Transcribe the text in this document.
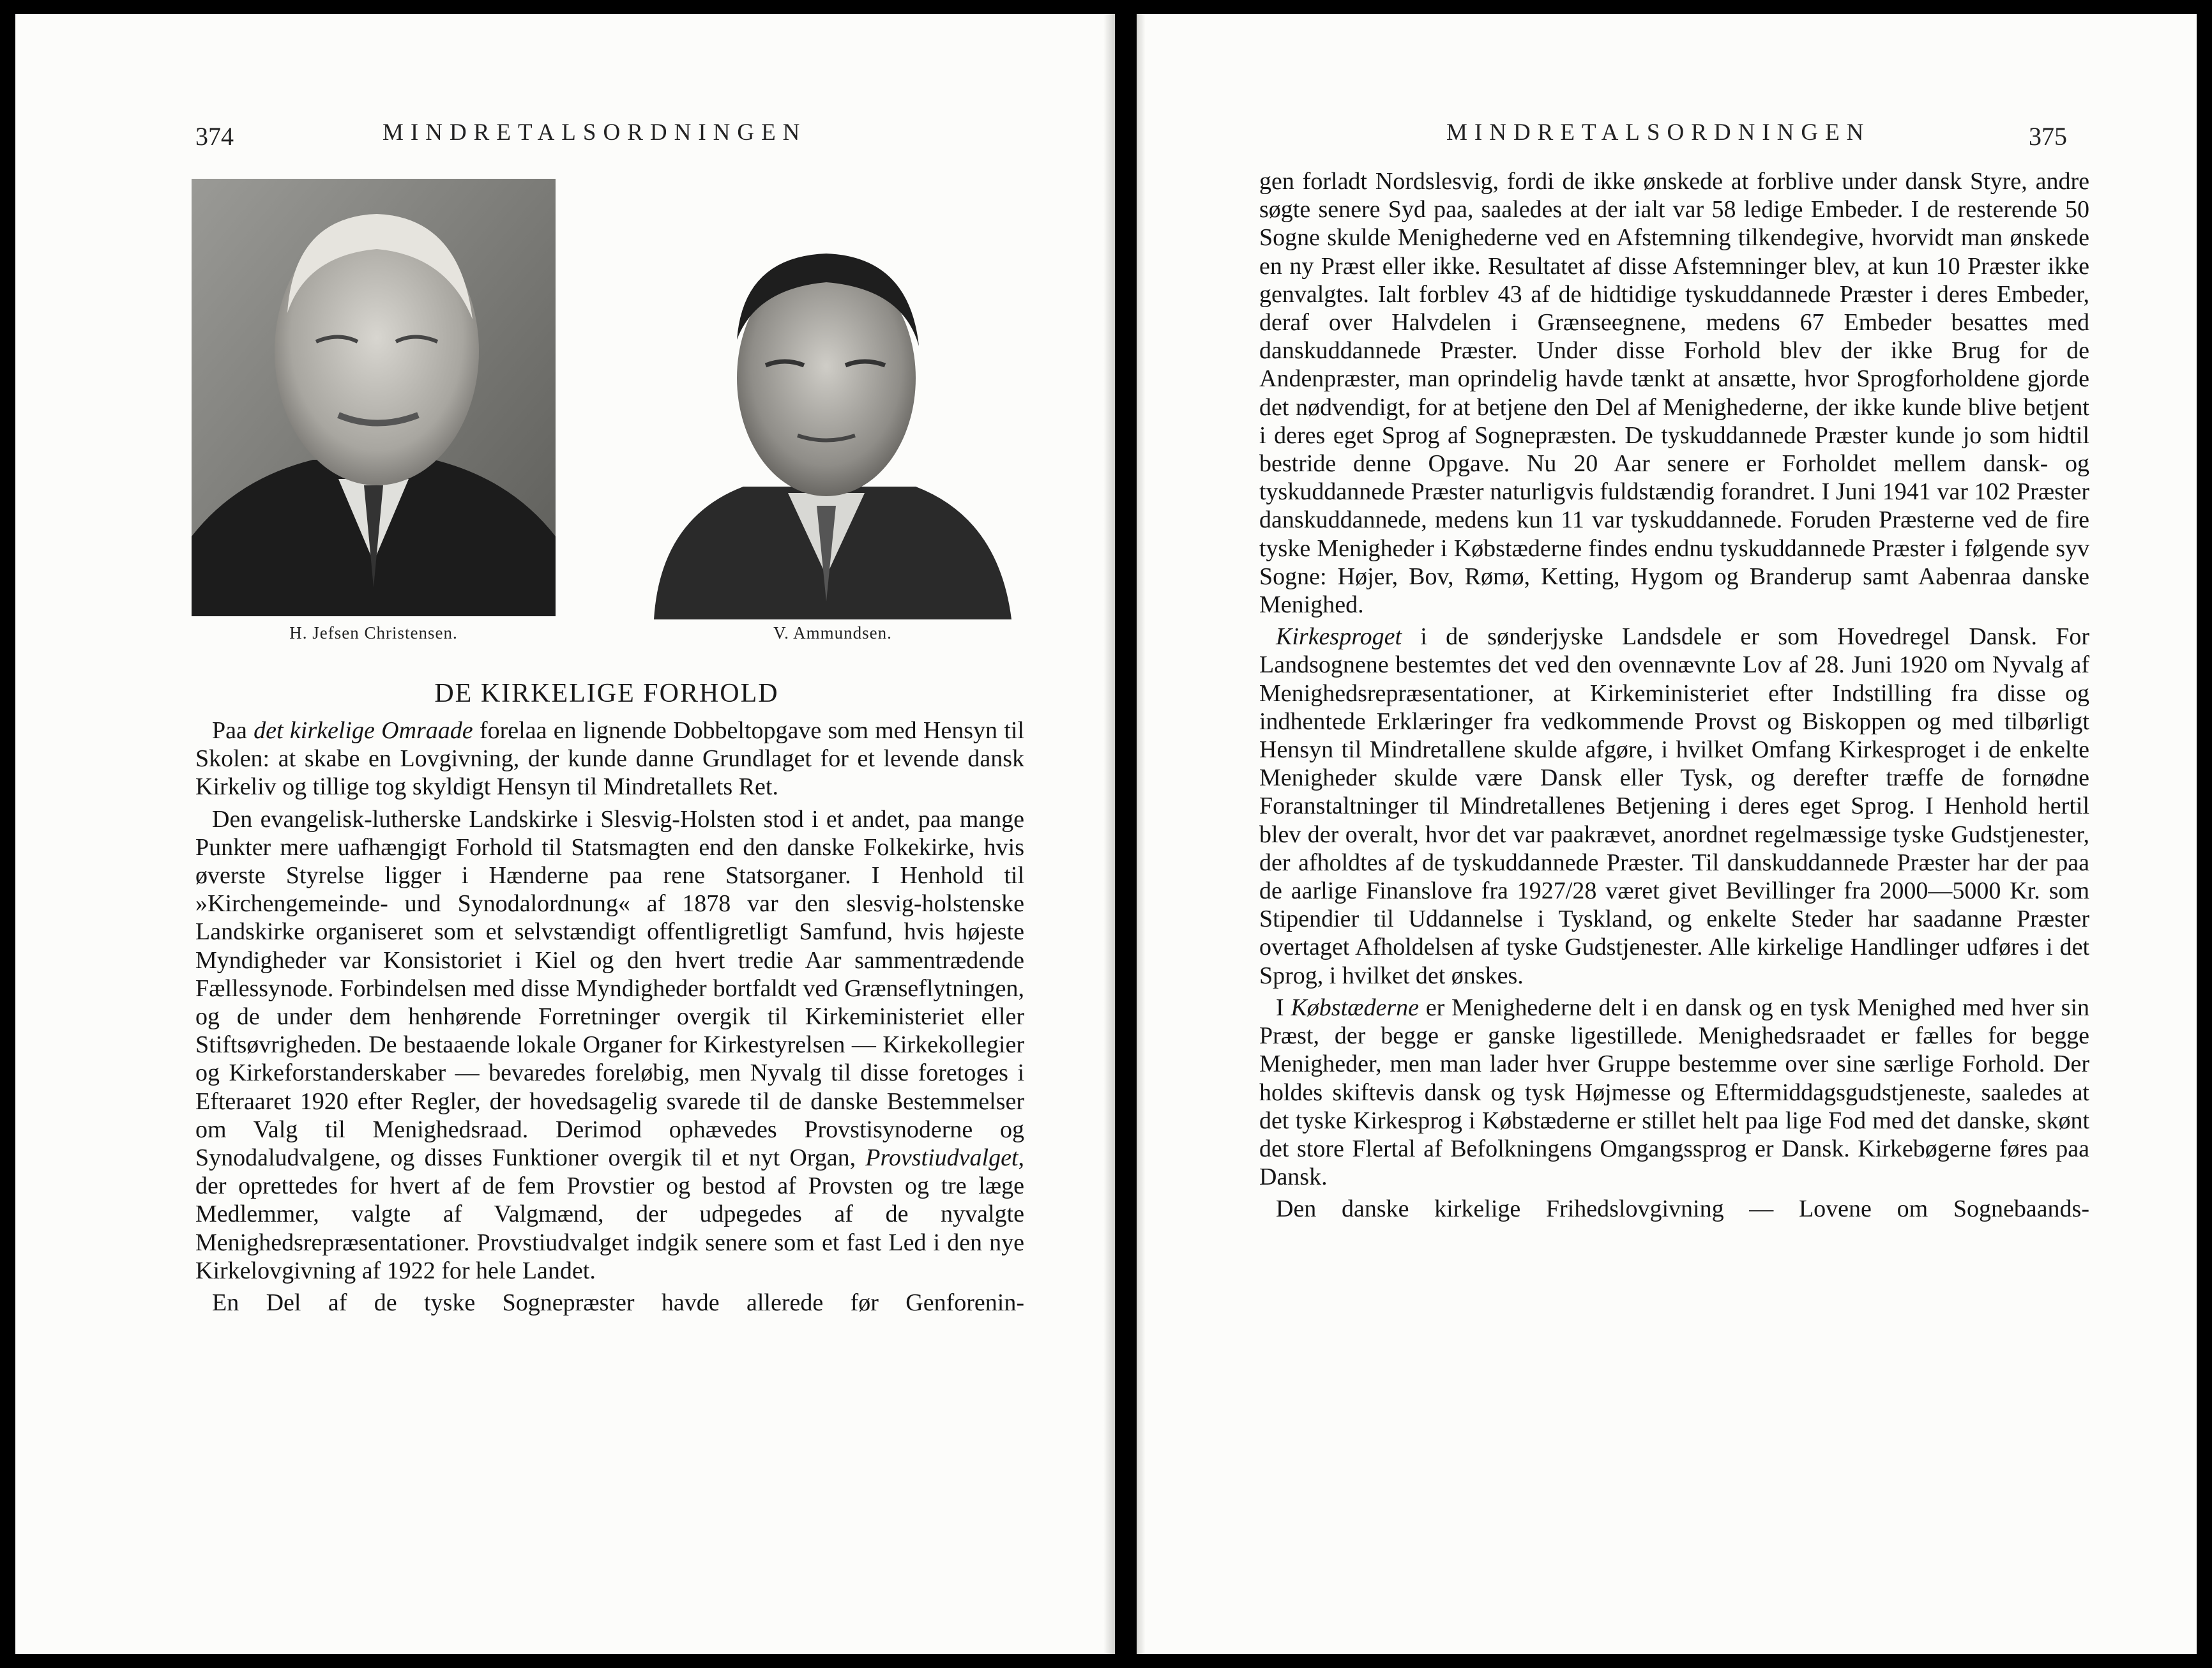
374	MINDRETALSORDNINGEN
H. Jefsen Christensen.	V. Ammundsen.
DE KIRKELIGE FORHOLD

Paa det kirkelige Omraade forelaa en lignende Dobbeltopgave som med Hensyn til Skolen: at skabe en Lovgivning, der kunde danne Grundlaget for et levende dansk Kirkeliv og tillige tog skyldigt Hensyn til Mindretallets Ret.

Den evangelisk-lutherske Landskirke i Slesvig-Holsten stod i et andet, paa mange Punkter mere uafhængigt Forhold til Statsmagten end den danske Folkekirke, hvis øverste Styrelse ligger i Hænderne paa rene Statsorganer. I Henhold til »Kirchengemeinde- und Synodalordnung« af 1878 var den slesvig-holstenske Landskirke organiseret som et selvstændigt offentligretligt Samfund, hvis højeste Myndigheder var Konsistoriet i Kiel og den hvert tredie Aar sammentrædende Fællessynode. Forbindelsen med disse Myndigheder bortfaldt ved Grænseflytningen, og de under dem henhørende Forretninger overgik til Kirkeministeriet eller Stiftsøvrigheden. De bestaaende lokale Organer for Kirkestyrelsen — Kirkekollegier og Kirkeforstanderskaber — bevaredes foreløbig, men Nyvalg til disse foretoges i Efteraaret 1920 efter Regler, der hovedsagelig svarede til de danske Bestemmelser om Valg til Menighedsraad. Derimod ophævedes Provstisynoderne og Synodaludvalgene, og disses Funktioner overgik til et nyt Organ, Provstiudvalget, der oprettedes for hvert af de fem Provstier og bestod af Provsten og tre læge Medlemmer, valgte af Valgmænd, der udpegedes af de nyvalgte Menighedsrepræsentationer. Provstiudvalget indgik senere som et fast Led i den nye Kirkelovgivning af 1922 for hele Landet.

En Del af de tyske Sognepræster havde allerede før Genforenin-

MINDRETALSORDNINGEN	375

gen forladt Nordslesvig, fordi de ikke ønskede at forblive under dansk Styre, andre søgte senere Syd paa, saaledes at der ialt var 58 ledige Embeder. I de resterende 50 Sogne skulde Menighederne ved en Afstemning tilkendegive, hvorvidt man ønskede en ny Præst eller ikke. Resultatet af disse Afstemninger blev, at kun 10 Præster ikke genvalgtes. Ialt forblev 43 af de hidtidige tyskuddannede Præster i deres Embeder, deraf over Halvdelen i Grænseegnene, medens 67 Embeder besattes med danskuddannede Præster. Under disse Forhold blev der ikke Brug for de Andenpræster, man oprindelig havde tænkt at ansætte, hvor Sprogforholdene gjorde det nødvendigt, for at betjene den Del af Menighederne, der ikke kunde blive betjent i deres eget Sprog af Sognepræsten. De tyskuddannede Præster kunde jo som hidtil bestride denne Opgave. Nu 20 Aar senere er Forholdet mellem dansk- og tyskuddannede Præster naturligvis fuldstændig forandret. I Juni 1941 var 102 Præster danskuddannede, medens kun 11 var tyskuddannede. Foruden Præsterne ved de fire tyske Menigheder i Købstæderne findes endnu tyskuddannede Præster i følgende syv Sogne: Højer, Bov, Rømø, Ketting, Hygom og Branderup samt Aabenraa danske Menighed.

Kirkesproget i de sønderjyske Landsdele er som Hovedregel Dansk. For Landsognene bestemtes det ved den ovennævnte Lov af 28. Juni 1920 om Nyvalg af Menighedsrepræsentationer, at Kirkeministeriet efter Indstilling fra disse og indhentede Erklæringer fra vedkommende Provst og Biskoppen og med tilbørligt Hensyn til Mindretallene skulde afgøre, i hvilket Omfang Kirkesproget i de enkelte Menigheder skulde være Dansk eller Tysk, og derefter træffe de fornødne Foranstaltninger til Mindretallenes Betjening i deres eget Sprog. I Henhold hertil blev der overalt, hvor det var paakrævet, anordnet regelmæssige tyske Gudstjenester, der afholdtes af de tyskuddannede Præster. Til danskuddannede Præster har der paa de aarlige Finanslove fra 1927/28 været givet Bevillinger fra 2000—5000 Kr. som Stipendier til Uddannelse i Tyskland, og enkelte Steder har saadanne Præster overtaget Afholdelsen af tyske Gudstjenester. Alle kirkelige Handlinger udføres i det Sprog, i hvilket det ønskes.

I Købstæderne er Menighederne delt i en dansk og en tysk Menighed med hver sin Præst, der begge er ganske ligestillede. Menighedsraadet er fælles for begge Menigheder, men man lader hver Gruppe bestemme over sine særlige Forhold. Der holdes skiftevis dansk og tysk Højmesse og Eftermiddagsgudstjeneste, saaledes at det tyske Kirkesprog i Købstæderne er stillet helt paa lige Fod med det danske, skønt det store Flertal af Befolkningens Omgangssprog er Dansk. Kirkebøgerne føres paa Dansk.

Den danske kirkelige Frihedslovgivning — Lovene om Sognebaands-
